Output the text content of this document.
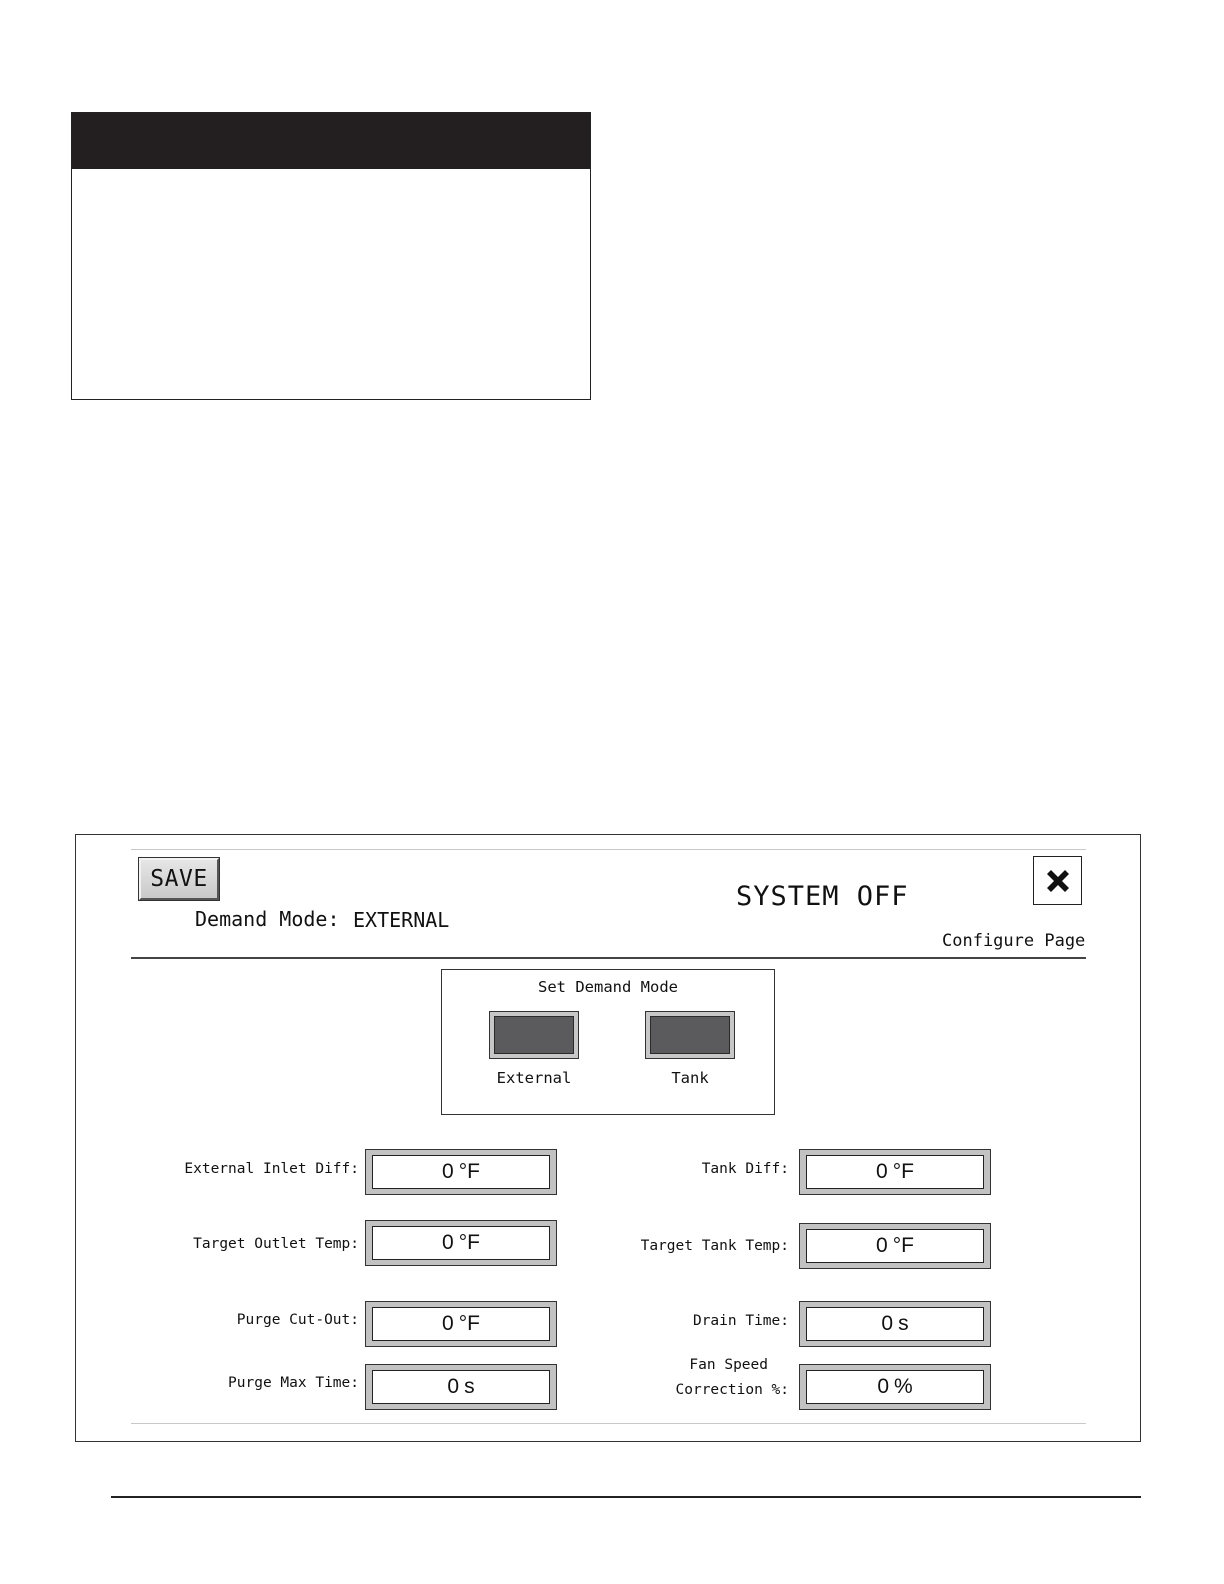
SAVE
Demand Mode: EXTERNAL
SYSTEM OFF
Configure Page
Set Demand Mode
External	Tank
External Inlet Diff:	0 °F
Target Outlet Temp:	0 °F
Purge Cut-Out:	0 °F
Purge Max Time:	0 s
Tank Diff:	0 °F
Target Tank Temp:	0 °F
Drain Time:	0 s
Fan Speed
Correction %:	0 %
